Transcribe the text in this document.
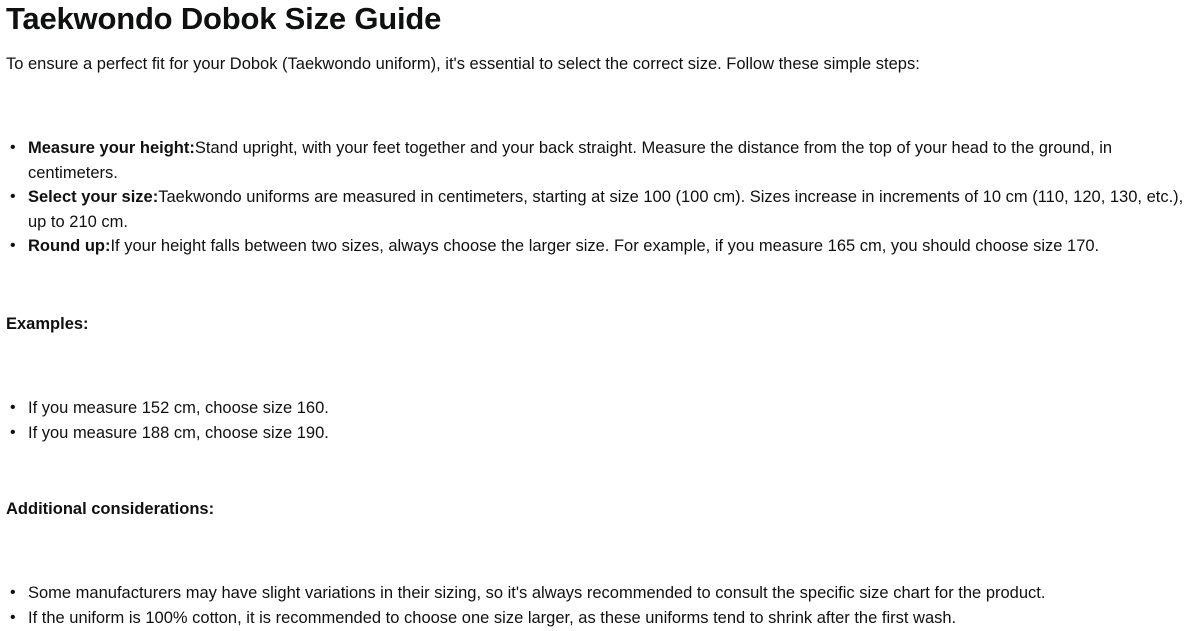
Taekwondo Dobok Size Guide

To ensure a perfect fit for your Dobok (Taekwondo uniform), it's essential to select the correct size. Follow these simple steps:

• Measure your height:Stand upright, with your feet together and your back straight. Measure the distance from the top of your head to the ground, in centimeters.
• Select your size:Taekwondo uniforms are measured in centimeters, starting at size 100 (100 cm). Sizes increase in increments of 10 cm (110, 120, 130, etc.), up to 210 cm.
• Round up:If your height falls between two sizes, always choose the larger size. For example, if you measure 165 cm, you should choose size 170.
Examples:
• If you measure 152 cm, choose size 160.
• If you measure 188 cm, choose size 190.
Additional considerations:
• Some manufacturers may have slight variations in their sizing, so it's always recommended to consult the specific size chart for the product.
• If the uniform is 100% cotton, it is recommended to choose one size larger, as these uniforms tend to shrink after the first wash.
